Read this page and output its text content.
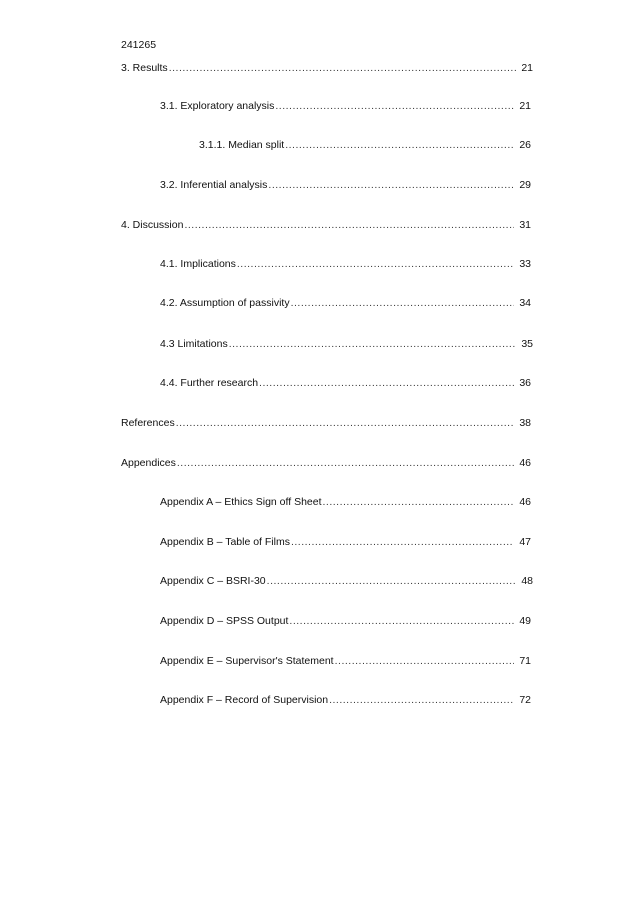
241265
3. Results .....	21
3.1. Exploratory analysis .....	21
3.1.1. Median split .....	26
3.2. Inferential analysis .....	29
4. Discussion .....	31
4.1. Implications .....	33
4.2. Assumption of passivity .....	34
4.3 Limitations .....	35
4.4. Further research .....	36
References .....	38
Appendices .....	46
Appendix A – Ethics Sign off Sheet .....	46
Appendix B – Table of Films .....	47
Appendix C – BSRI-30 .....	48
Appendix D – SPSS Output .....	49
Appendix E – Supervisor's Statement .....	71
Appendix F – Record of Supervision .....	72
